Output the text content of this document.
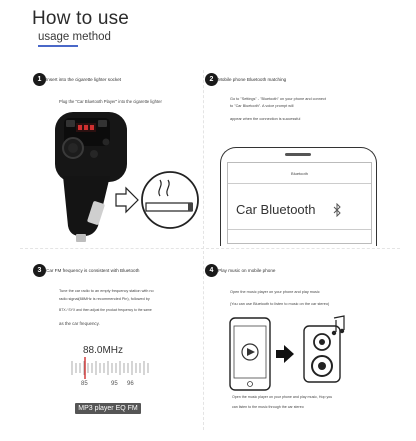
How to use
usage method
1 Insert into the cigarette lighter socket
Plug the "Car Bluetooth Player" into the cigarette lighter
2 Mobile phone Bluetooth matching
Go to "Settings" - "Bluetooth" on your phone and connect
to "Car Bluetooth". A voice prompt will
appear when the connection is successful
Bluetooth
Car Bluetooth
3 Car FM frequency is consistent with Bluetooth
Tune the car radio to an empty frequency station with no
radio signal(88MHz is recommended Pin), followed by
BTX / SYX and then adjust the product frequency to the same
as the car frequency.
88.0MHz
85	95 96
MP3 player EQ FM
4 Play music on mobile phone
Open the music player on your phone and play music
(You can use Bluetooth to listen to music on the car stereo)
Open the music player on your phone and play music, Hop you
can listen to the music through the car stereo
